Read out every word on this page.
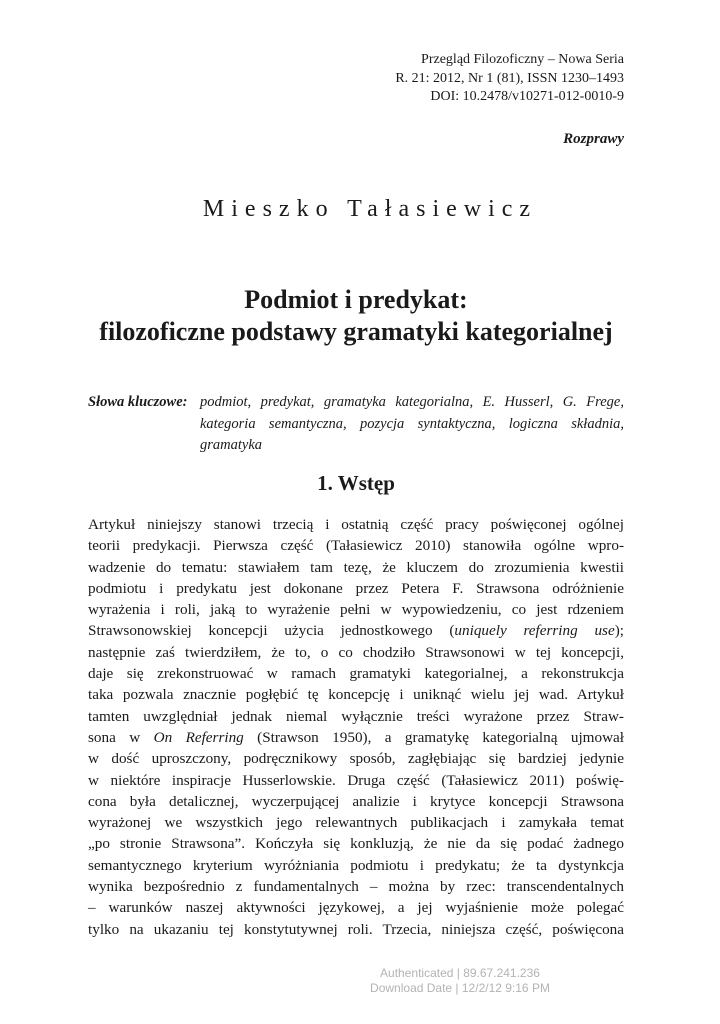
Przegląd Filozoficzny – Nowa Seria
R. 21: 2012, Nr 1 (81), ISSN 1230–1493
DOI: 10.2478/v10271-012-0010-9
Rozprawy
Mieszko Tałasiewicz
Podmiot i predykat:
filozoficzne podstawy gramatyki kategorialnej
Słowa kluczowe: podmiot, predykat, gramatyka kategorialna, E. Husserl, G. Frege,
kategoria semantyczna, pozycja syntaktyczna, logiczna składnia,
gramatyka
1. Wstęp
Artykuł niniejszy stanowi trzecią i ostatnią część pracy poświęconej ogólnej
teorii predykacji. Pierwsza część (Tałasiewicz 2010) stanowiła ogólne wpro-
wadzenie do tematu: stawiałem tam tezę, że kluczem do zrozumienia kwestii
podmiotu i predykatu jest dokonane przez Petera F. Strawsona odróżnienie
wyrażenia i roli, jaką to wyrażenie pełni w wypowiedzeniu, co jest rdzeniem
Strawsonowskiej koncepcji użycia jednostkowego (uniquely referring use);
następnie zaś twierdziłem, że to, o co chodziło Strawsonowi w tej koncepcji,
daje się zrekonstruować w ramach gramatyki kategorialnej, a rekonstrukcja
taka pozwala znacznie pogłębić tę koncepcję i uniknąć wielu jej wad. Artykuł
tamten uwzględniał jednak niemal wyłącznie treści wyrażone przez Straw-
sona w On Referring (Strawson 1950), a gramatykę kategorialną ujmował
w dość uproszczony, podręcznikowy sposób, zagłębiając się bardziej jedynie
w niektóre inspiracje Husserlowskie. Druga część (Tałasiewicz 2011) poświę-
cona była detalicznej, wyczerpującej analizie i krytyce koncepcji Strawsona
wyrażonej we wszystkich jego relewantnych publikacjach i zamykała temat
„po stronie Strawsona”. Kończyła się konkluzją, że nie da się podać żadnego
semantycznego kryterium wyróżniania podmiotu i predykatu; że ta dystynkcja
wynika bezpośrednio z fundamentalnych – można by rzec: transcendentalnych
– warunków naszej aktywności językowej, a jej wyjaśnienie może polegać
tylko na ukazaniu tej konstytutywnej roli. Trzecia, niniejsza część, poświęcona
Authenticated | 89.67.241.236
Download Date | 12/2/12 9:16 PM
